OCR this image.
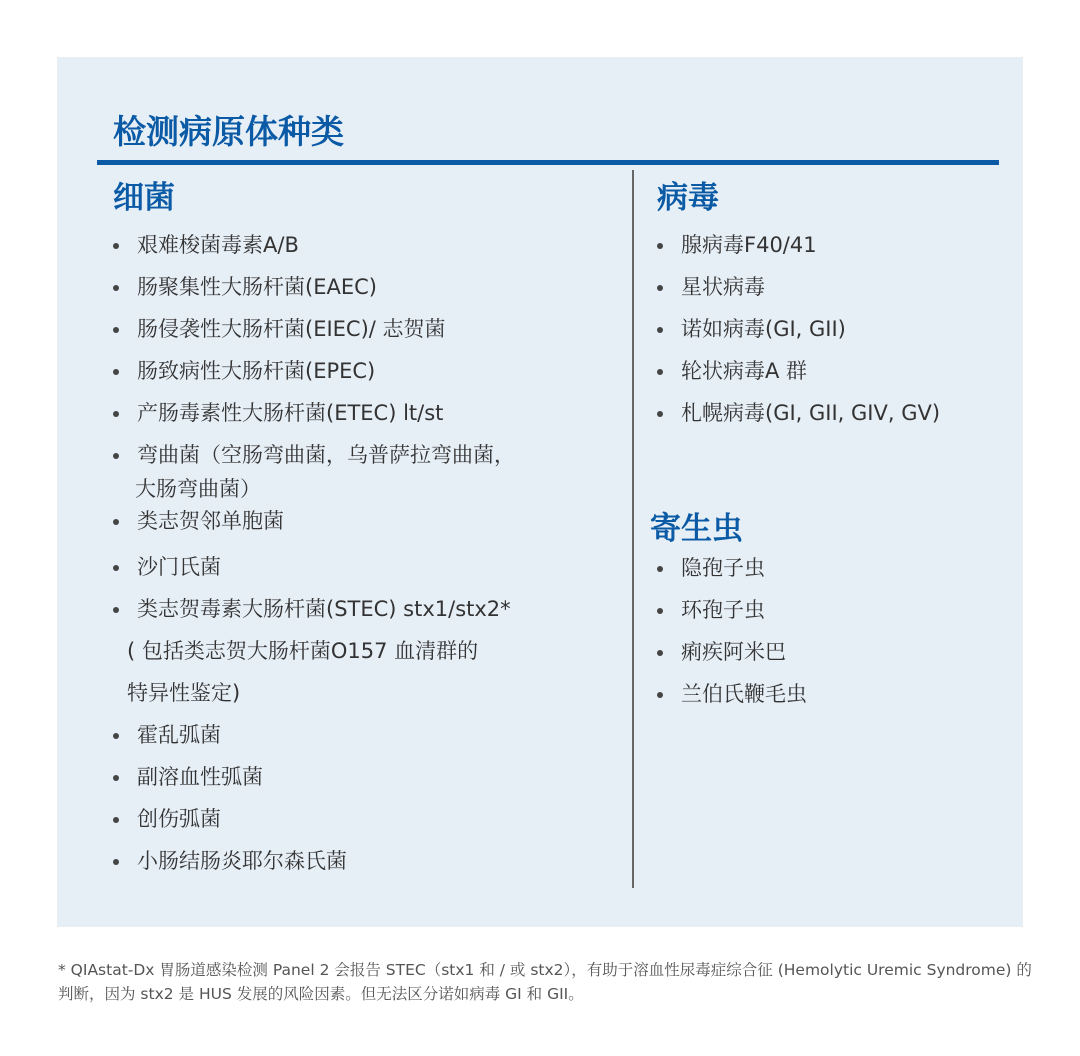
检测病原体种类
细菌
艰难梭菌毒素A/B
肠聚集性大肠杆菌(EAEC)
肠侵袭性大肠杆菌(EIEC)/ 志贺菌
肠致病性大肠杆菌(EPEC)
产肠毒素性大肠杆菌(ETEC) lt/st
弯曲菌（空肠弯曲菌，乌普萨拉弯曲菌，
大肠弯曲菌）
类志贺邻单胞菌
沙门氏菌
类志贺毒素大肠杆菌(STEC) stx1/stx2*
( 包括类志贺大肠杆菌O157 血清群的
特异性鉴定)
霍乱弧菌
副溶血性弧菌
创伤弧菌
小肠结肠炎耶尔森氏菌
病毒
腺病毒F40/41
星状病毒
诺如病毒(GI, GII)
轮状病毒A 群
札幌病毒(GI, GII, GIV, GV)
寄生虫
隐孢子虫
环孢子虫
痢疾阿米巴
兰伯氏鞭毛虫

* QIAstat-Dx 胃肠道感染检测 Panel 2 会报告 STEC（stx1 和 / 或 stx2），有助于溶血性尿毒症综合征 (Hemolytic Uremic Syndrome) 的判断，因为 stx2 是 HUS 发展的风险因素。但无法区分诺如病毒 GI 和 GII。
